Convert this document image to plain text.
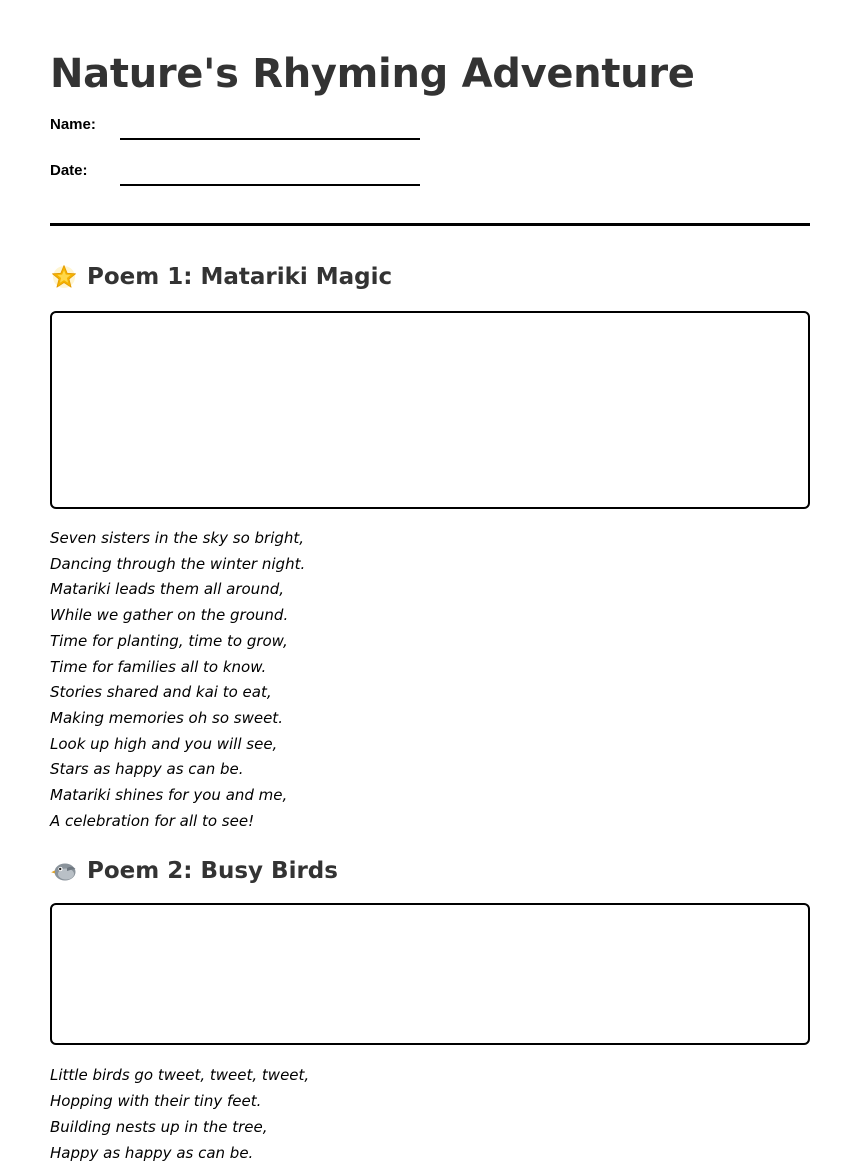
Nature's Rhyming Adventure
Name:
Date:
Poem 1: Matariki Magic
Seven sisters in the sky so bright,
Dancing through the winter night.
Matariki leads them all around,
While we gather on the ground.
Time for planting, time to grow,
Time for families all to know.
Stories shared and kai to eat,
Making memories oh so sweet.
Look up high and you will see,
Stars as happy as can be.
Matariki shines for you and me,
A celebration for all to see!
Poem 2: Busy Birds
Little birds go tweet, tweet, tweet,
Hopping with their tiny feet.
Building nests up in the tree,
Happy as happy as can be.
